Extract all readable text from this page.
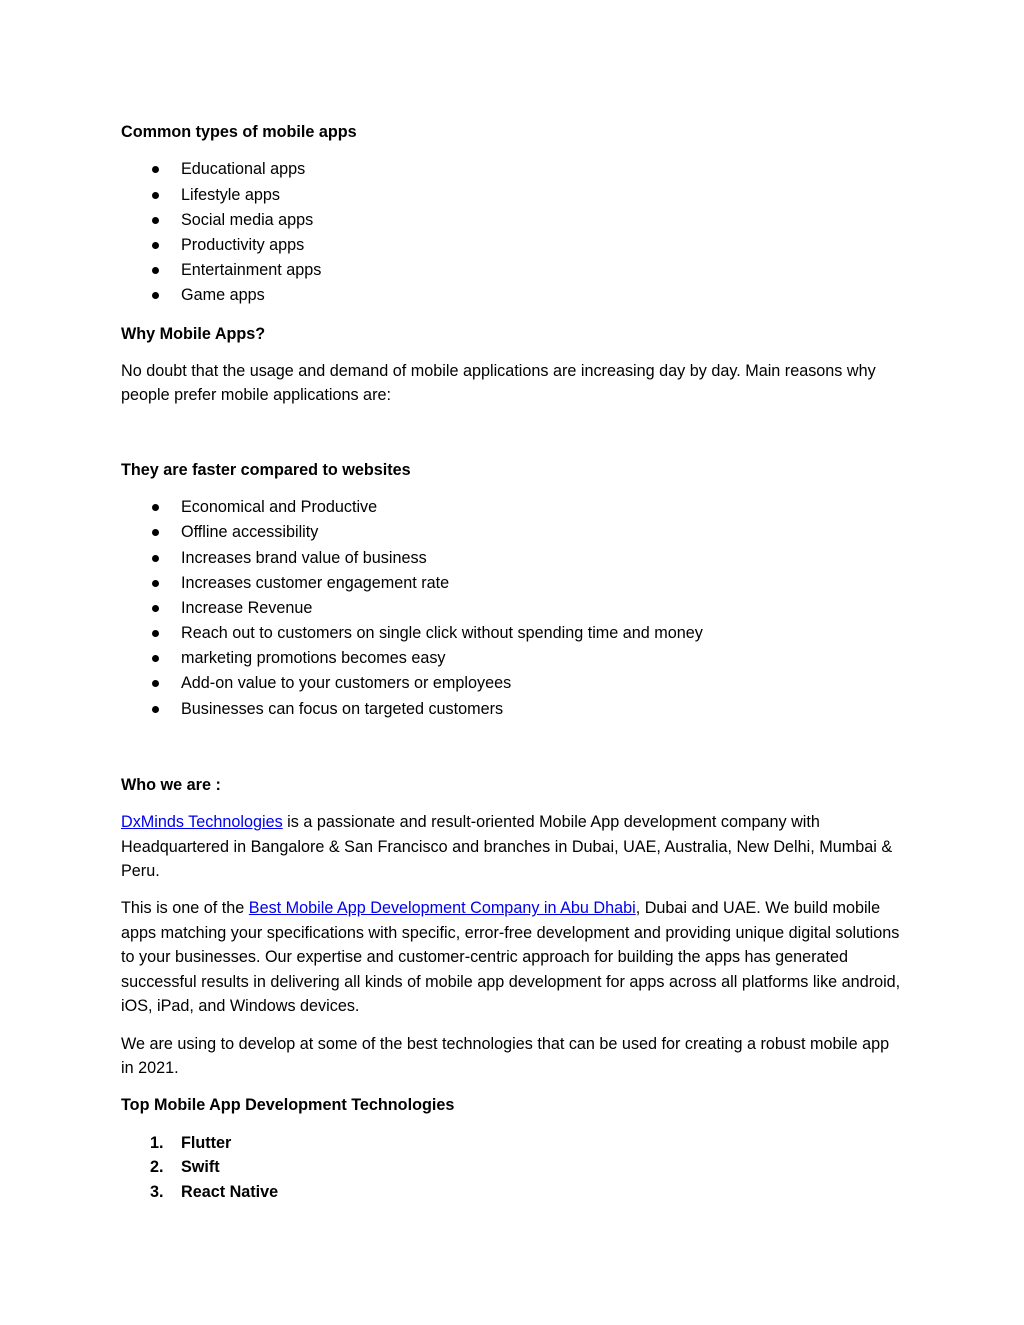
Common types of mobile apps
Educational apps
Lifestyle apps
Social media apps
Productivity apps
Entertainment apps
Game apps
Why Mobile Apps?
No doubt that the usage and demand of mobile applications are increasing day by day. Main reasons why people prefer mobile applications are:
They are faster compared to websites
Economical and Productive
Offline accessibility
Increases brand value of business
Increases customer engagement rate
Increase Revenue
Reach out to customers on single click without spending time and money
marketing promotions becomes easy
Add-on value to your customers or employees
Businesses can focus on targeted customers
Who we are :
DxMinds Technologies is a passionate and result-oriented Mobile App development company with Headquartered in Bangalore & San Francisco and branches in Dubai, UAE, Australia, New Delhi, Mumbai & Peru.
This is one of the Best Mobile App Development Company in Abu Dhabi, Dubai and UAE. We build mobile apps matching your specifications with specific, error-free development and providing unique digital solutions to your businesses. Our expertise and customer-centric approach for building the apps has generated successful results in delivering all kinds of mobile app development for apps across all platforms like android, iOS, iPad, and Windows devices.
We are using to develop at some of the best technologies that can be used for creating a robust mobile app in 2021.
Top Mobile App Development Technologies
1. Flutter
2. Swift
3. React Native
